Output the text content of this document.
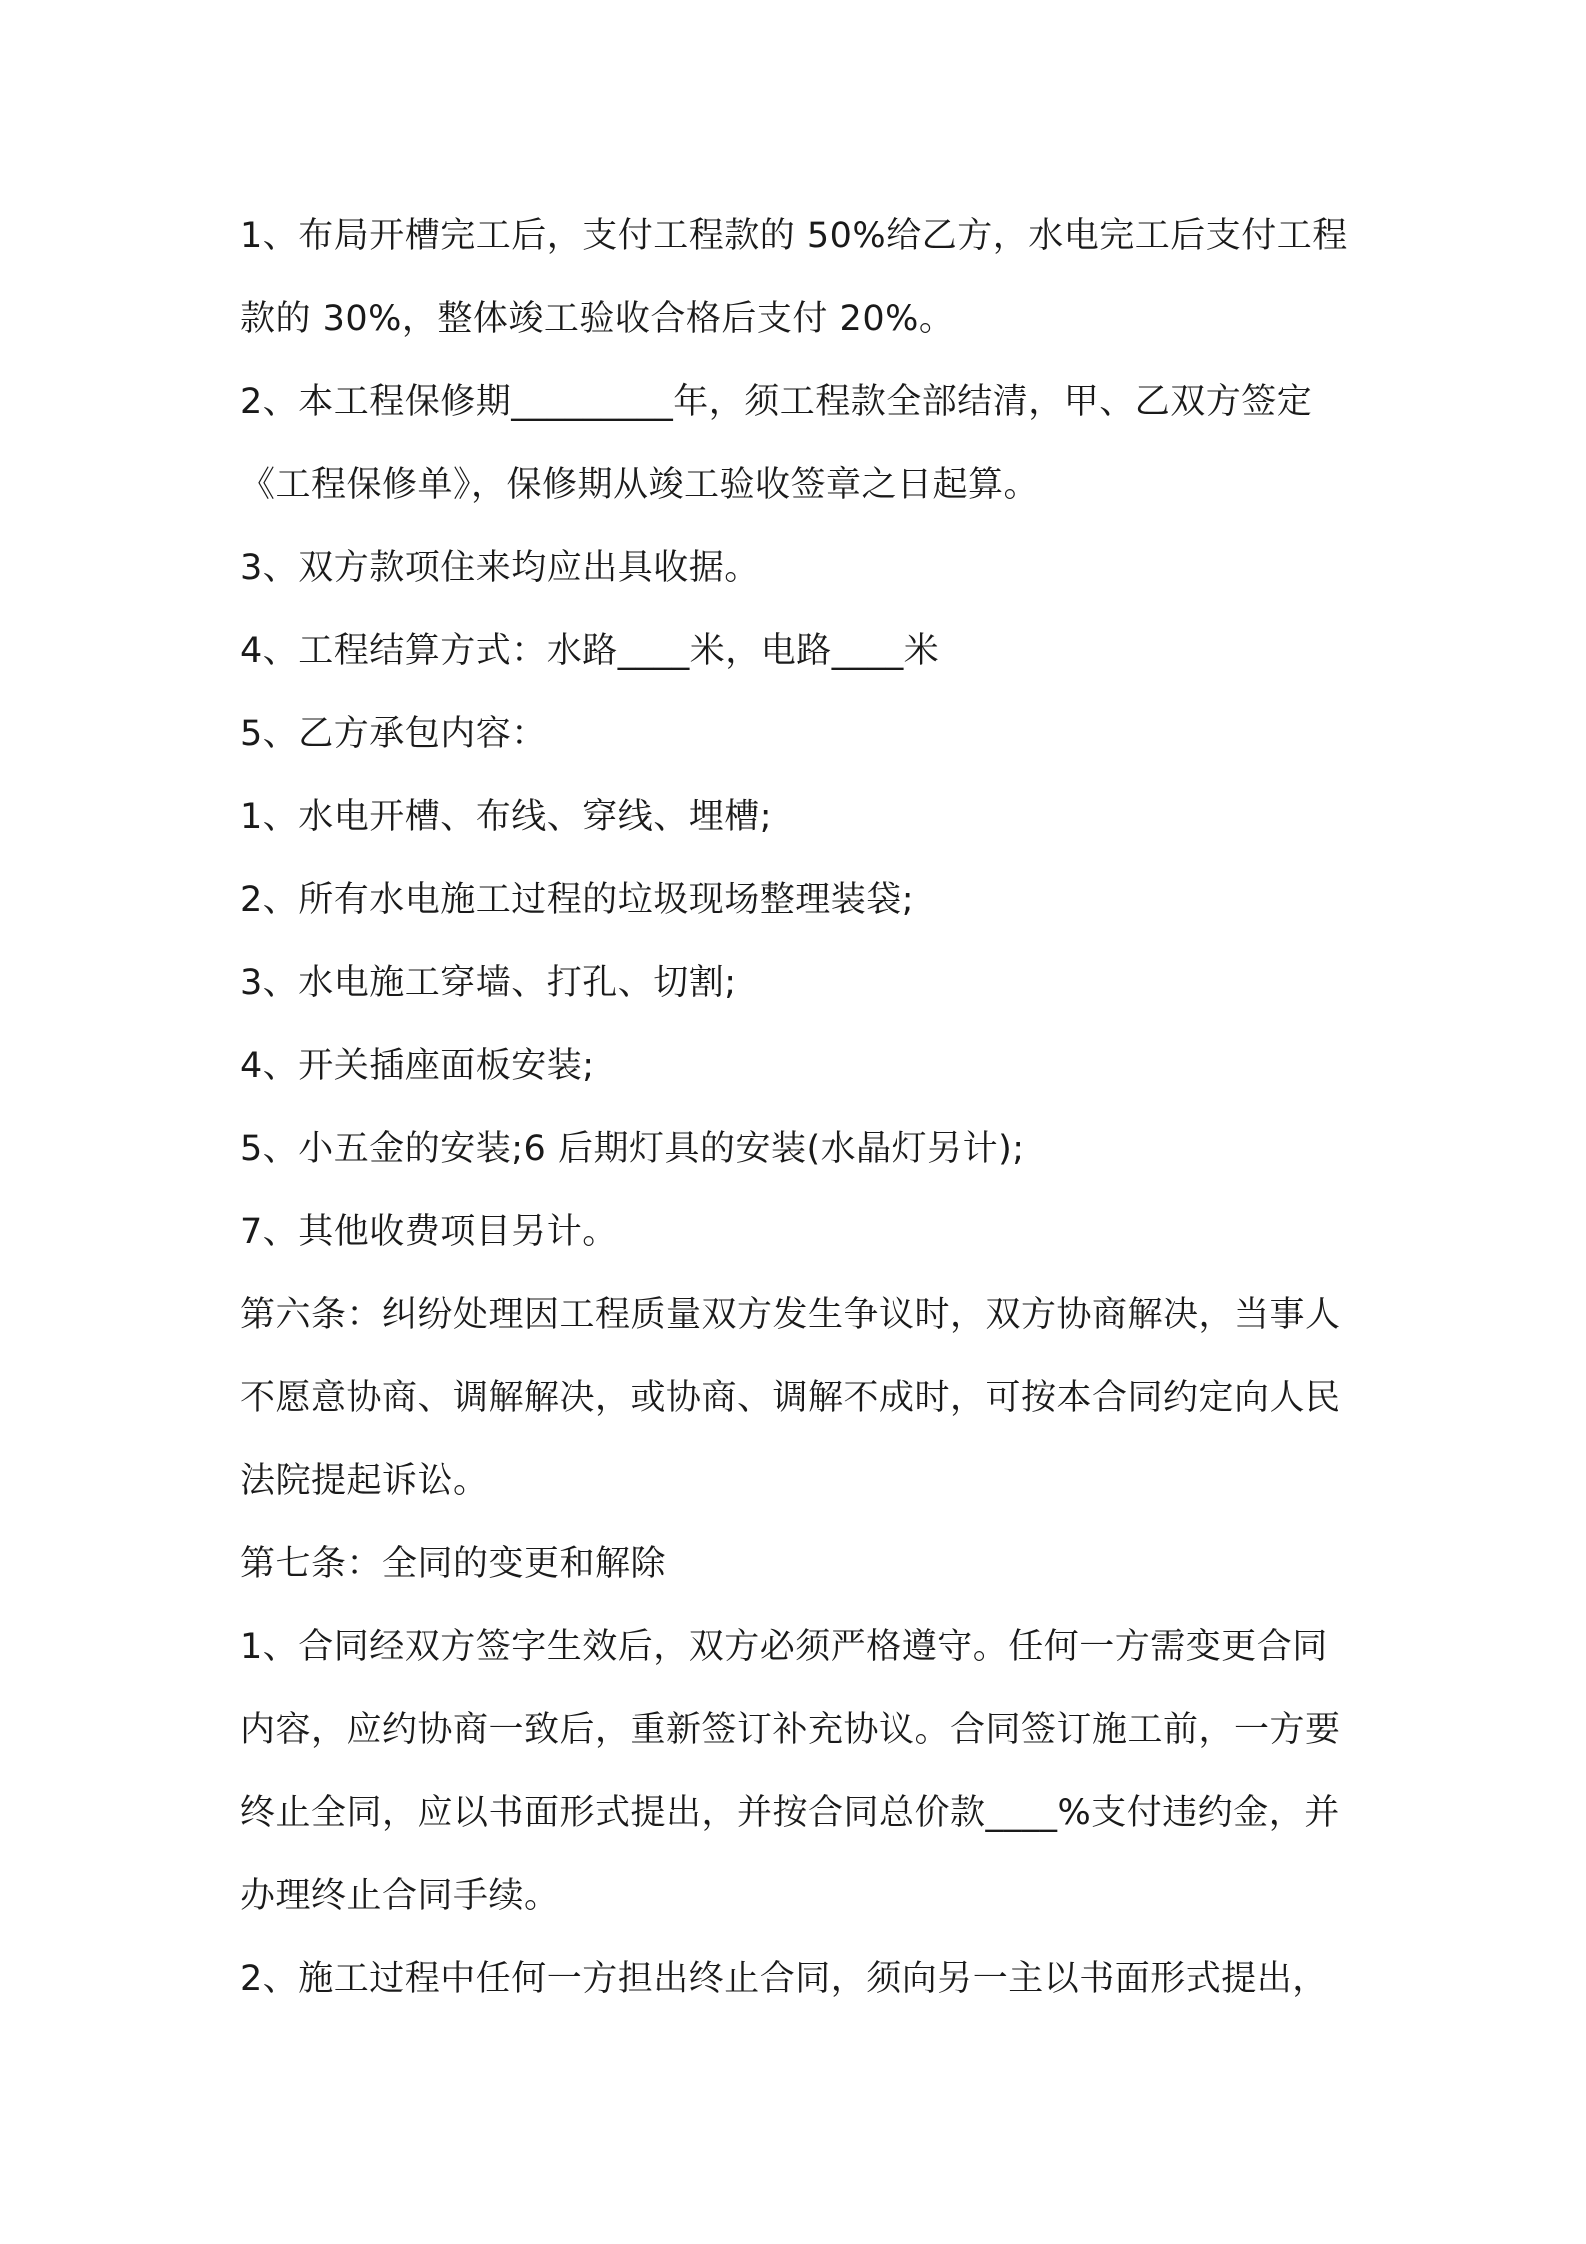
1、布局开槽完工后，支付工程款的 50%给乙方，水电完工后支付工程款的 30%，整体竣工验收合格后支付 20%。

2、本工程保修期_________年，须工程款全部结清，甲、乙双方签定《工程保修单》，保修期从竣工验收签章之日起算。

3、双方款项住来均应出具收据。

4、工程结算方式：水路____米，电路____米

5、乙方承包内容：

1、水电开槽、布线、穿线、埋槽;

2、所有水电施工过程的垃圾现场整理装袋;

3、水电施工穿墙、打孔、切割;

4、开关插座面板安装;

5、小五金的安装;6 后期灯具的安装(水晶灯另计);

7、其他收费项目另计。

第六条：纠纷处理因工程质量双方发生争议时，双方协商解决，当事人不愿意协商、调解解决，或协商、调解不成时，可按本合同约定向人民法院提起诉讼。

第七条：全同的变更和解除

1、合同经双方签字生效后，双方必须严格遵守。任何一方需变更合同内容，应约协商一致后，重新签订补充协议。合同签订施工前，一方要终止全同，应以书面形式提出，并按合同总价款____%支付违约金，并办理终止合同手续。

2、施工过程中任何一方担出终止合同，须向另一主以书面形式提出，
